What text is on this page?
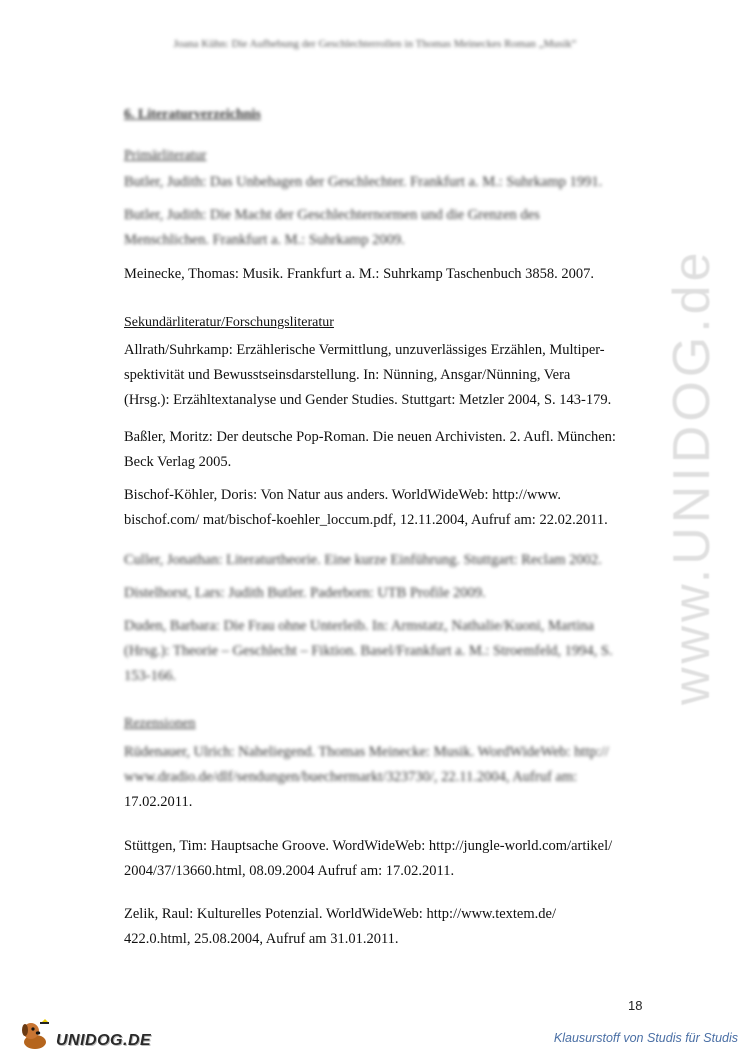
Joana Kühn: Die Aufhebung der Geschlechterrollen in Thomas Meineckes Roman „Musik“
6. Literaturverzeichnis
Primärliteratur
Butler, Judith: Das Unbehagen der Geschlechter. Frankfurt a. M.: Suhrkamp 1991.
Butler, Judith: Die Macht der Geschlechternormen und die Grenzen des
Menschlichen. Frankfurt a. M.: Suhrkamp 2009.
Meinecke, Thomas: Musik. Frankfurt a. M.: Suhrkamp Taschenbuch 3858. 2007.
Sekundärliteratur/Forschungsliteratur
Allrath/Suhrkamp: Erzählerische Vermittlung, unzuverlässiges Erzählen, Multiper-
spektivität und Bewusstseinsdarstellung. In: Nünning, Ansgar/Nünning, Vera
(Hrsg.): Erzähltextanalyse und Gender Studies. Stuttgart: Metzler 2004, S. 143-179.
Baßler, Moritz: Der deutsche Pop-Roman. Die neuen Archivisten. 2. Aufl. München:
Beck Verlag 2005.
Bischof-Köhler, Doris: Von Natur aus anders. WorldWideWeb: http://www.
bischof.com/ mat/bischof-koehler_loccum.pdf, 12.11.2004, Aufruf am: 22.02.2011.
Culler, Jonathan: Literaturtheorie. Eine kurze Einführung. Stuttgart: Reclam 2002.
Distelhorst, Lars: Judith Butler. Paderborn: UTB Profile 2009.
Duden, Barbara: Die Frau ohne Unterleib. In: Armstatz, Nathalie/Kuoni, Martina
(Hrsg.): Theorie – Geschlecht – Fiktion. Basel/Frankfurt a. M.: Stroemfeld, 1994, S.
153-166.
Rezensionen
Rüdenauer, Ulrich: Naheliegend. Thomas Meinecke: Musik. WordWideWeb: http://
www.dradio.de/dlf/sendungen/buechermarkt/323730/, 22.11.2004, Aufruf am:
17.02.2011.
Stüttgen, Tim: Hauptsache Groove. WordWideWeb: http://jungle-world.com/artikel/
2004/37/13660.html, 08.09.2004 Aufruf am: 17.02.2011.
Zelik, Raul: Kulturelles Potenzial. WorldWideWeb: http://www.textem.de/
422.0.html, 25.08.2004, Aufruf am 31.01.2011.
www.UNIDOG.de
18
UNIDOG.DE	Klausurstoff von Studis für Studis
